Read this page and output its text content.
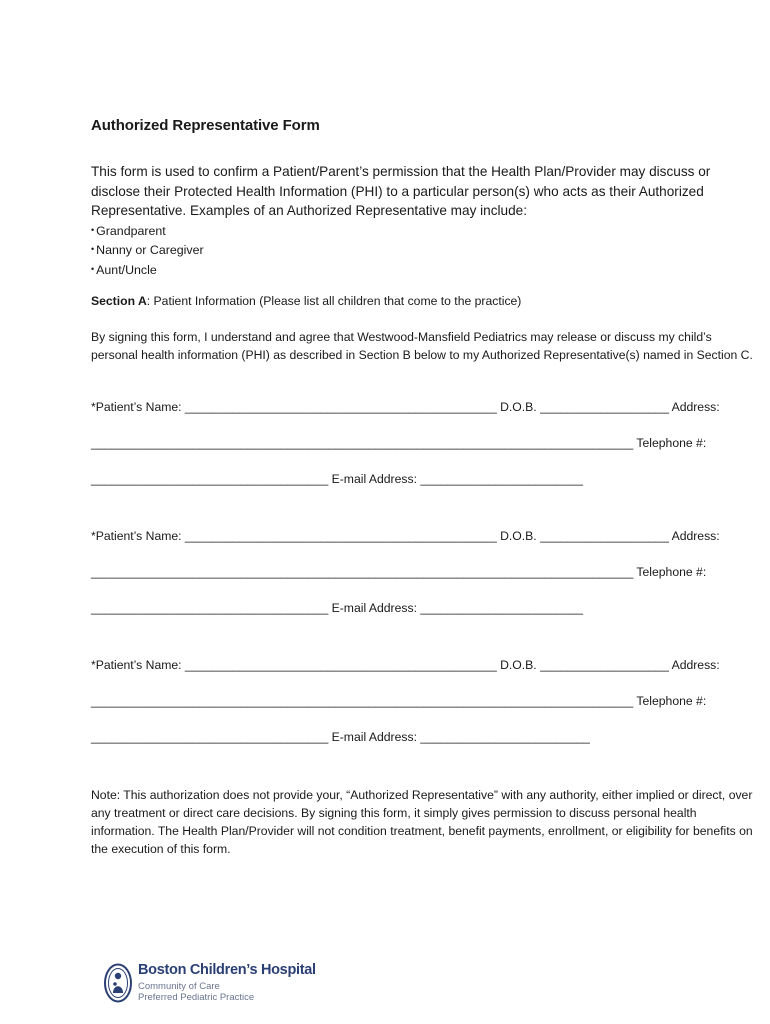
Authorized Representative Form

This form is used to confirm a Patient/Parent’s permission that the Health Plan/Provider may discuss or disclose their Protected Health Information (PHI) to a particular person(s) who acts as their Authorized Representative. Examples of an Authorized Representative may include:

• Grandparent
• Nanny or Caregiver
• Aunt/Uncle
Section A: Patient Information (Please list all children that come to the practice)
By signing this form, I understand and agree that Westwood-Mansfield Pediatrics may release or discuss my child’s personal health information (PHI) as described in Section B below to my Authorized Representative(s) named in Section C.
*Patient’s Name: ______________________________________________ D.O.B. ___________________ Address:
________________________________________________________________________________ Telephone #:
___________________________________ E-mail Address: ________________________
*Patient’s Name: ______________________________________________ D.O.B. ___________________ Address:
________________________________________________________________________________ Telephone #:
___________________________________ E-mail Address: ________________________
*Patient’s Name: ______________________________________________ D.O.B. ___________________ Address:
________________________________________________________________________________ Telephone #:
___________________________________ E-mail Address: _________________________
Note: This authorization does not provide your, “Authorized Representative” with any authority, either implied or direct, over any treatment or direct care decisions. By signing this form, it simply gives permission to discuss personal health information. The Health Plan/Provider will not condition treatment, benefit payments, enrollment, or eligibility for benefits on the execution of this form.
Boston Children’s Hospital
Community of Care
Preferred Pediatric Practice
